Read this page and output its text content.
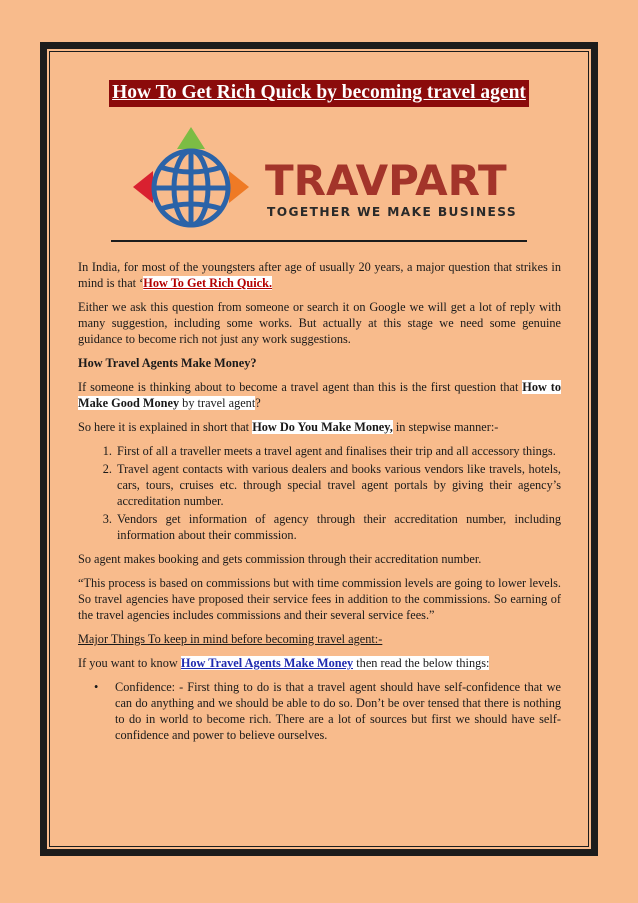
How To Get Rich Quick by becoming travel agent
TRAVPART
TOGETHER WE MAKE BUSINESS

In India, for most of the youngsters after age of usually 20 years, a major question that strikes in mind is that ‘How To Get Rich Quick.

Either we ask this question from someone or search it on Google we will get a lot of reply with many suggestion, including some works. But actually at this stage we need some genuine guidance to become rich not just any work suggestions.

How Travel Agents Make Money?

If someone is thinking about to become a travel agent than this is the first question that How to Make Good Money by travel agent?

So here it is explained in short that How Do You Make Money, in stepwise manner:-

1. First of all a traveller meets a travel agent and finalises their trip and all accessory things.
2. Travel agent contacts with various dealers and books various vendors like travels, hotels, cars, tours, cruises etc. through special travel agent portals by giving their agency’s accreditation number.
3. Vendors get information of agency through their accreditation number, including information about their commission.

So agent makes booking and gets commission through their accreditation number.

“This process is based on commissions but with time commission levels are going to lower levels. So travel agencies have proposed their service fees in addition to the commissions. So earning of the travel agencies includes commissions and their several service fees.”

Major Things To keep in mind before becoming travel agent:-

If you want to know How Travel Agents Make Money then read the below things:

• Confidence: - First thing to do is that a travel agent should have self-confidence that we can do anything and we should be able to do so. Don’t be over tensed that there is nothing to do in world to become rich. There are a lot of sources but first we should have self-confidence and power to believe ourselves.
